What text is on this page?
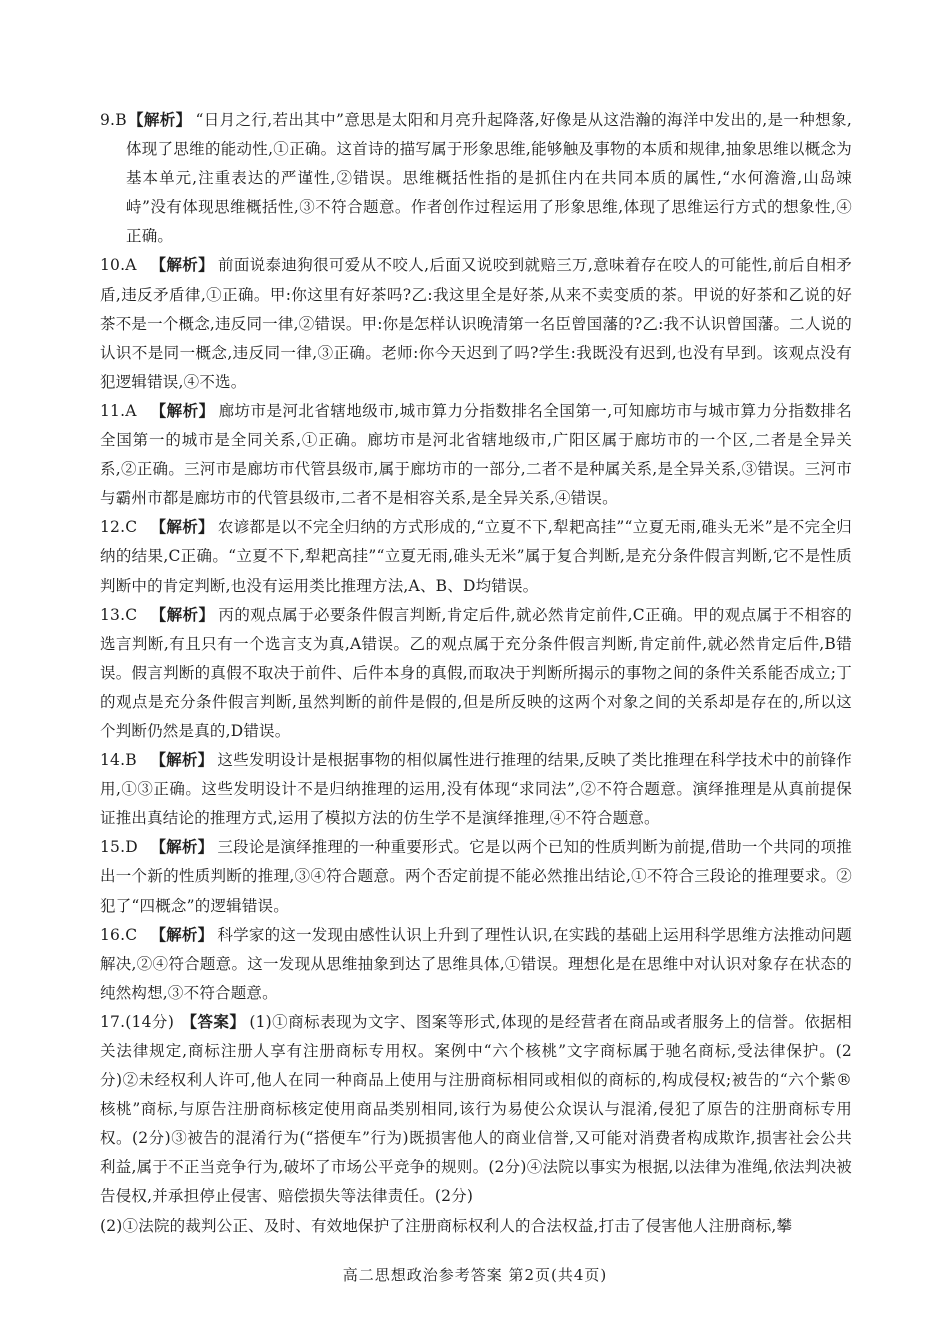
9.B 【解析】 “日月之行,若出其中”意思是太阳和月亮升起降落,好像是从这浩瀚的海洋中发出的,是一种想象,体现了思维的能动性,①正确。这首诗的描写属于形象思维,能够触及事物的本质和规律,抽象思维以概念为基本单元,注重表达的严谨性,②错误。思维概括性指的是抓住内在共同本质的属性,“水何澹澹,山岛竦峙”没有体现思维概括性,③不符合题意。作者创作过程运用了形象思维,体现了思维运行方式的想象性,④正确。
10.A 【解析】 前面说泰迪狗很可爱从不咬人,后面又说咬到就赔三万,意味着存在咬人的可能性,前后自相矛盾,违反矛盾律,①正确。甲:你这里有好茶吗?乙:我这里全是好茶,从来不卖变质的茶。甲说的好茶和乙说的好茶不是一个概念,违反同一律,②错误。甲:你是怎样认识晚清第一名臣曾国藩的?乙:我不认识曾国藩。二人说的认识不是同一概念,违反同一律,③正确。老师:你今天迟到了吗?学生:我既没有迟到,也没有早到。该观点没有犯逻辑错误,④不选。
11.A 【解析】 廊坊市是河北省辖地级市,城市算力分指数排名全国第一,可知廊坊市与城市算力分指数排名全国第一的城市是全同关系,①正确。廊坊市是河北省辖地级市,广阳区属于廊坊市的一个区,二者是全异关系,②正确。三河市是廊坊市代管县级市,属于廊坊市的一部分,二者不是种属关系,是全异关系,③错误。三河市与霸州市都是廊坊市的代管县级市,二者不是相容关系,是全异关系,④错误。
12.C 【解析】 农谚都是以不完全归纳的方式形成的,“立夏不下,犁耙高挂”“立夏无雨,碓头无米”是不完全归纳的结果,C正确。“立夏不下,犁耙高挂”“立夏无雨,碓头无米”属于复合判断,是充分条件假言判断,它不是性质判断中的肯定判断,也没有运用类比推理方法,A、B、D均错误。
13.C 【解析】 丙的观点属于必要条件假言判断,肯定后件,就必然肯定前件,C正确。甲的观点属于不相容的选言判断,有且只有一个选言支为真,A错误。乙的观点属于充分条件假言判断,肯定前件,就必然肯定后件,B错误。假言判断的真假不取决于前件、后件本身的真假,而取决于判断所揭示的事物之间的条件关系能否成立;丁的观点是充分条件假言判断,虽然判断的前件是假的,但是所反映的这两个对象之间的关系却是存在的,所以这个判断仍然是真的,D错误。
14.B 【解析】 这些发明设计是根据事物的相似属性进行推理的结果,反映了类比推理在科学技术中的前锋作用,①③正确。这些发明设计不是归纳推理的运用,没有体现“求同法”,②不符合题意。演绎推理是从真前提保证推出真结论的推理方式,运用了模拟方法的仿生学不是演绎推理,④不符合题意。
15.D 【解析】 三段论是演绎推理的一种重要形式。它是以两个已知的性质判断为前提,借助一个共同的项推出一个新的性质判断的推理,③④符合题意。两个否定前提不能必然推出结论,①不符合三段论的推理要求。②犯了“四概念”的逻辑错误。
16.C 【解析】 科学家的这一发现由感性认识上升到了理性认识,在实践的基础上运用科学思维方法推动问题解决,②④符合题意。这一发现从思维抽象到达了思维具体,①错误。理想化是在思维中对认识对象存在状态的纯然构想,③不符合题意。
17.(14分) 【答案】 (1)①商标表现为文字、图案等形式,体现的是经营者在商品或者服务上的信誉。依据相关法律规定,商标注册人享有注册商标专用权。案例中“六个核桃”文字商标属于驰名商标,受法律保护。(2分)②未经权利人许可,他人在同一种商品上使用与注册商标相同或相似的商标的,构成侵权;被告的“六个紫®核桃”商标,与原告注册商标核定使用商品类别相同,该行为易使公众误认与混淆,侵犯了原告的注册商标专用权。(2分)③被告的混淆行为(“搭便车”行为)既损害他人的商业信誉,又可能对消费者构成欺诈,损害社会公共利益,属于不正当竞争行为,破坏了市场公平竞争的规则。(2分)④法院以事实为根据,以法律为准绳,依法判决被告侵权,并承担停止侵害、赔偿损失等法律责任。(2分)
(2)①法院的裁判公正、及时、有效地保护了注册商标权利人的合法权益,打击了侵害他人注册商标,攀
高二思想政治参考答案 第2页(共4页)
